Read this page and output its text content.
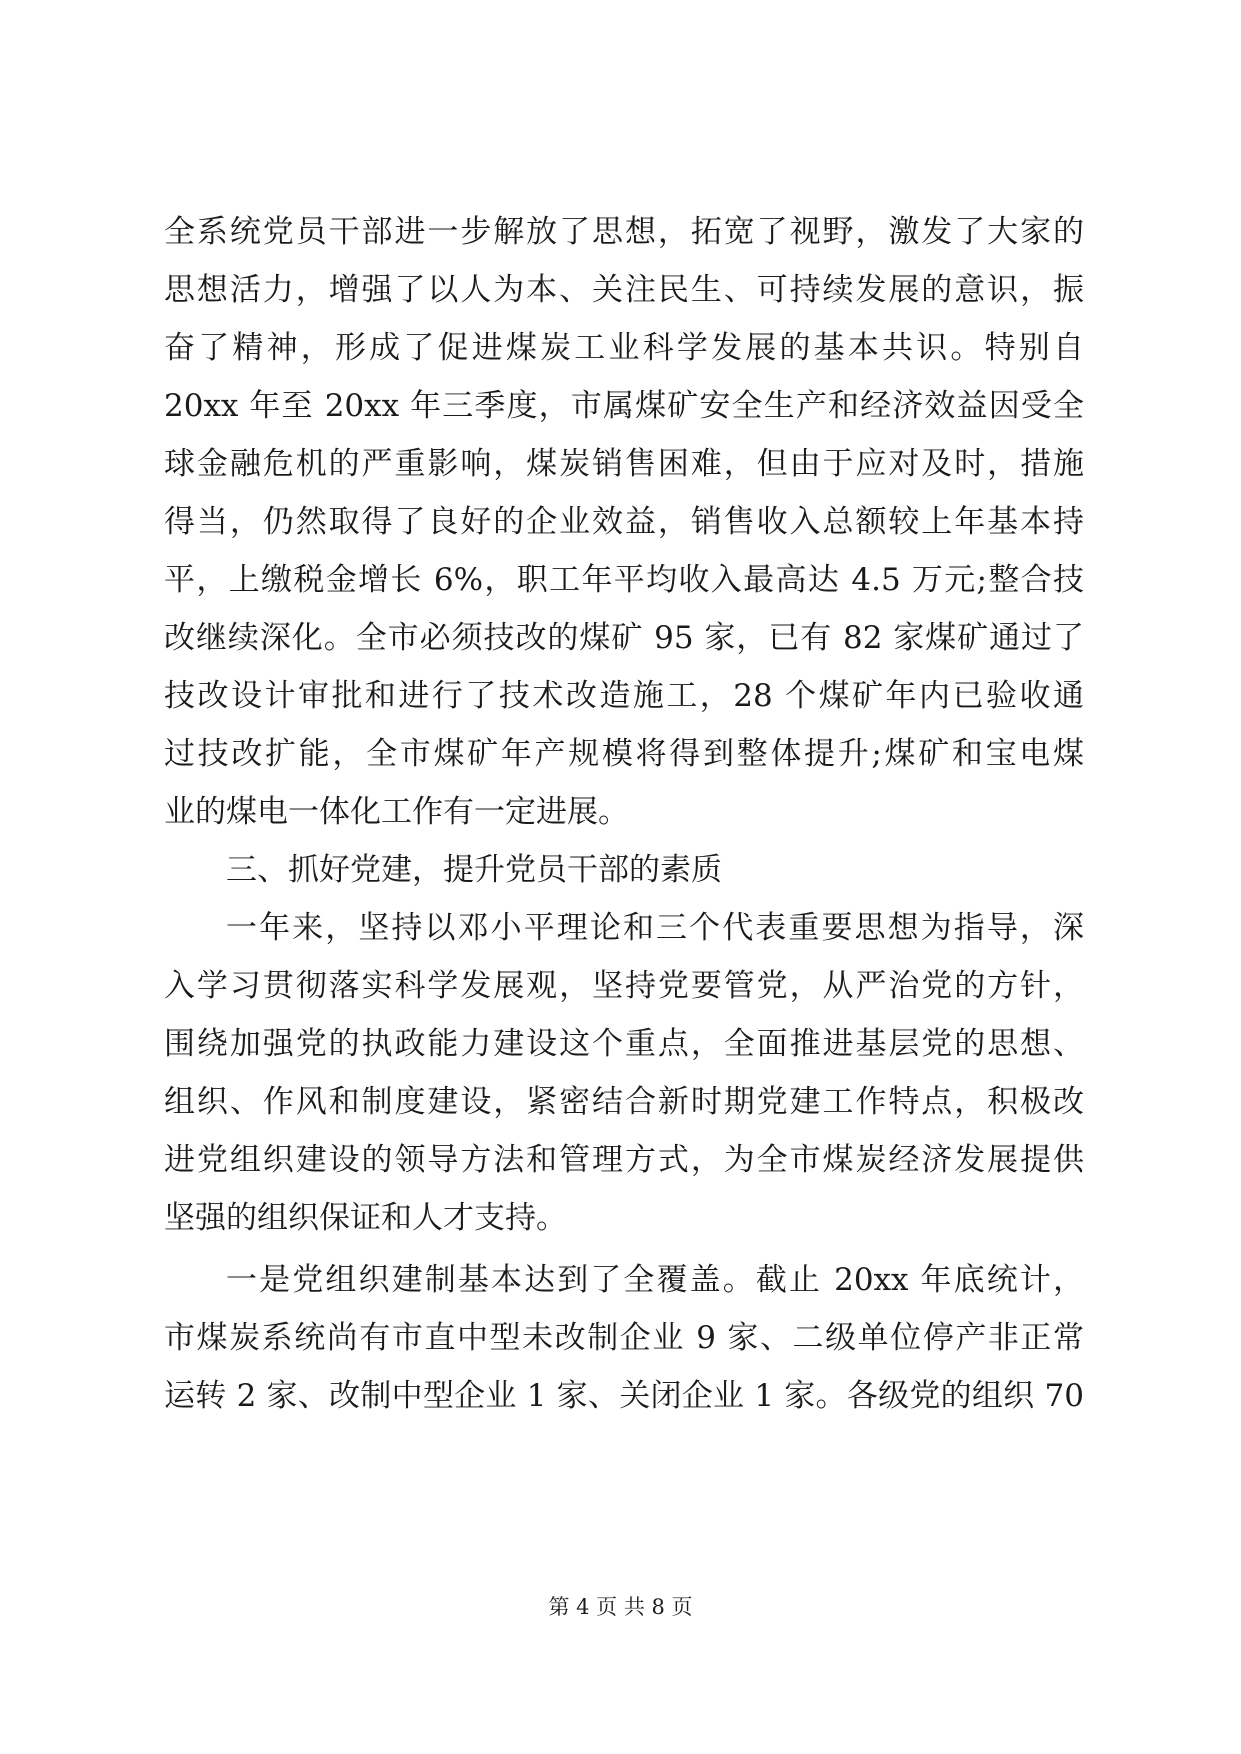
全系统党员干部进一步解放了思想，拓宽了视野，激发了大家的
思想活力，增强了以人为本、关注民生、可持续发展的意识，振
奋了精神，形成了促进煤炭工业科学发展的基本共识。特别自
20xx 年至 20xx 年三季度，市属煤矿安全生产和经济效益因受全
球金融危机的严重影响，煤炭销售困难，但由于应对及时，措施
得当，仍然取得了良好的企业效益，销售收入总额较上年基本持
平，上缴税金增长 6%，职工年平均收入最高达 4.5 万元;整合技
改继续深化。全市必须技改的煤矿 95 家，已有 82 家煤矿通过了
技改设计审批和进行了技术改造施工，28 个煤矿年内已验收通
过技改扩能，全市煤矿年产规模将得到整体提升;煤矿和宝电煤
业的煤电一体化工作有一定进展。
三、抓好党建，提升党员干部的素质
一年来，坚持以邓小平理论和三个代表重要思想为指导，深
入学习贯彻落实科学发展观，坚持党要管党，从严治党的方针，
围绕加强党的执政能力建设这个重点，全面推进基层党的思想、
组织、作风和制度建设，紧密结合新时期党建工作特点，积极改
进党组织建设的领导方法和管理方式，为全市煤炭经济发展提供
坚强的组织保证和人才支持。
一是党组织建制基本达到了全覆盖。截止 20xx 年底统计，
市煤炭系统尚有市直中型未改制企业 9 家、二级单位停产非正常
运转 2 家、改制中型企业 1 家、关闭企业 1 家。各级党的组织 70
第 4 页 共 8 页
